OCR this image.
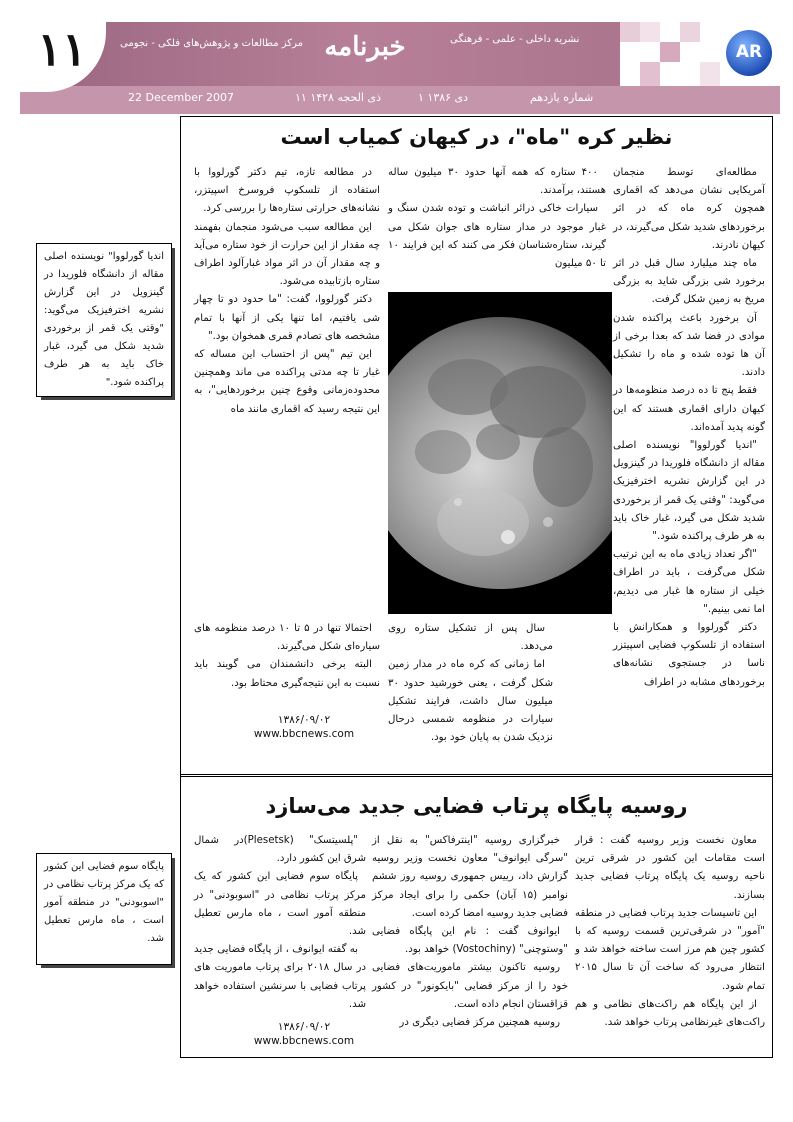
AR
۱۱	خبرنامه
مرکز مطالعات و پژوهش‌های فلکی - نجومی	نشریه داخلی - علمی - فرهنگی
شماره یازدهم
۱ دی ۱۳۸۶
۱۱ ذی الحجه ۱۴۲۸
22 December 2007
نظیر کره "ماه"، در کیهان کمیاب است

مطالعه‌ای توسط منجمان آمریکایی نشان می‌دهد که اقماری همچون کره ماه که در اثر برخوردهای شدید شکل می‌گیرند، در کیهان نادرند.

ماه چند میلیارد سال قبل در اثر برخورد شی بزرگی شاید به بزرگی مریخ به زمین شکل گرفت.

آن برخورد باعث پراکنده شدن موادی در فضا شد که بعدا برخی از آن ها توده شده و ماه را تشکیل دادند.

فقط پنج تا ده درصد منظومه‌ها در کیهان دارای اقماری هستند که این گونه پدید آمده‌اند.

"اندیا گورلووا" نویسنده اصلی مقاله از دانشگاه فلوریدا در گینزویل در این گزارش نشریه اخترفیزیک می‌گوید: "وقتی یک قمر از برخوردی شدید شکل می گیرد، غبار خاک باید به هر طرف پراکنده شود."

"اگر تعداد زیادی ماه به این ترتیب شکل می‌گرفت ، باید در اطراف خیلی از ستاره ها غبار می دیدیم، اما نمی بینیم."

دکتر گورلووا و همکارانش با استفاده از تلسکوپ فضایی اسپیتزر ناسا در جستجوی نشانه‌های برخوردهای مشابه در اطراف

۴۰۰ ستاره که همه آنها حدود ۳۰ میلیون ساله هستند، برآمدند.

سیارات خاکی درائر انباشت و توده شدن سنگ و غبار موجود در مدار ستاره های جوان شکل می گیرند، ستاره‌شناسان فکر می کنند که این فرایند ۱۰ تا ۵۰ میلیون

سال پس از تشکیل ستاره روی می‌دهد.

اما زمانی که کره ماه در مدار زمین شکل گرفت ، یعنی خورشید حدود ۳۰ میلیون سال داشت، فرایند تشکیل سیارات در منظومه شمسی درحال نزدیک شدن به پایان خود بود.

در مطالعه تازه، تیم دکتر گورلووا با استفاده از تلسکوپ فروسرخ اسپیتزر، نشانه‌های حرارتی ستاره‌ها را بررسی کرد.

این مطالعه سبب می‌شود منجمان بفهمند چه مقدار از این حرارت از خود ستاره می‌آید و چه مقدار آن در اثر مواد غبارآلود اطراف ستاره بازتابیده می‌شود.

دکتر گورلووا، گفت: "ما حدود دو تا چهار شی یافتیم، اما تنها یکی از آنها با تمام مشخصه های تصادم قمری همخوان بود."

این تیم "پس از احتساب این مساله که غبار تا چه مدتی پراکنده می ماند وهمچنین محدوده‌زمانی وقوع چنین برخوردهایی"، به این نتیجه رسید که اقماری مانند ماه

احتمالا تنها در ۵ تا ۱۰ درصد منظومه های سیاره‌ای شکل می‌گیرند.

البته برخی دانشمندان می گویند باید نسبت به این نتیجه‌گیری محتاط بود.

اندیا گورلووا" نویسنده اصلی مقاله از دانشگاه فلوریدا در گینزویل در این گزارش نشریه اخترفیزیک می‌گوید: "وقتی یک قمر از برخوردی شدید شکل می گیرد، غبار خاک باید به هر طرف پراکنده شود."
۱۳۸۶/۰۹/۰۲
www.bbcnews.com
روسیه پایگاه پرتاب فضایی جدید می‌سازد

معاون نخست وزیر روسیه گفت : قرار است مقامات این کشور در شرقی ترین ناحیه روسیه یک پایگاه پرتاب فضایی جدید بسازند.

این تاسیسات جدید پرتاب فضایی در منطقه "آمور" در شرقی‌ترین قسمت روسیه که با کشور چین هم مرز است ساخته خواهد شد و انتظار می‌رود که ساخت آن تا سال ۲۰۱۵ تمام شود.

از این پایگاه هم راکت‌های نظامی و هم راکت‌های غیرنظامی پرتاب خواهد شد.

خبرگزاری روسیه "اینترفاکس" به نقل از "سرگی ایوانوف" معاون نخست وزیر روسیه گزارش داد، رییس جمهوری روسیه روز ششم نوامبر (۱۵ آبان) حکمی را برای ایجاد مرکز فضایی جدید روسیه امضا کرده است.

ایوانوف گفت : نام این پایگاه فضایی "وستوچنی" (Vostochiny) خواهد بود.

روسیه تاکنون بیشتر ماموریت‌های فضایی خود را از مرکز فضایی "بایکونور" در کشور قزاقستان انجام داده است.

روسیه همچنین مرکز فضایی دیگری در

"پلسیتسک" (Plesetsk)در شمال شرق این کشور دارد.

پایگاه سوم فضایی این کشور که یک مرکز پرتاب نظامی در "اسوبودنی" در منطقه آمور است ، ماه مارس تعطیل شد.

به گفته ایوانوف ، از پایگاه فضایی جدید در سال ۲۰۱۸ برای پرتاب ماموریت های پرتاب فضایی با سرنشین استفاده خواهد شد.

پایگاه سوم فضایی این کشور که یک مرکز پرتاب نظامی در "اسوبودنی" در منطقه آمور است ، ماه مارس تعطیل شد.
۱۳۸۶/۰۹/۰۲
www.bbcnews.com
